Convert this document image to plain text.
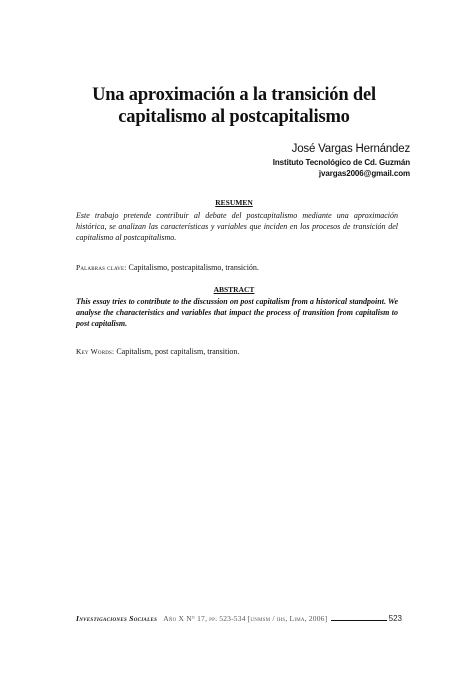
Una aproximación a la transición del
capitalismo al postcapitalismo
José Vargas Hernández
Instituto Tecnológico de Cd. Guzmán
jvargas2006@gmail.com
RESUMEN

Este trabajo pretende contribuir al debate del postcapitalismo mediante una aproximación histórica, se analizan las características y variables que inciden en los procesos de transición del capitalismo al postcapitalismo.

Palabras clave: Capitalismo, postcapitalismo, transición.
ABSTRACT

This essay tries to contribute to the discussion on post capitalism from a historical standpoint. We analyse the characteristics and variables that impact the process of transition from capitalism to post capitalism.

Key Words: Capitalism, post capitalism, transition.
Investigaciones Sociales Año X N° 17, pp. 523-534 [unmsm / ihs, Lima, 2006]	523
